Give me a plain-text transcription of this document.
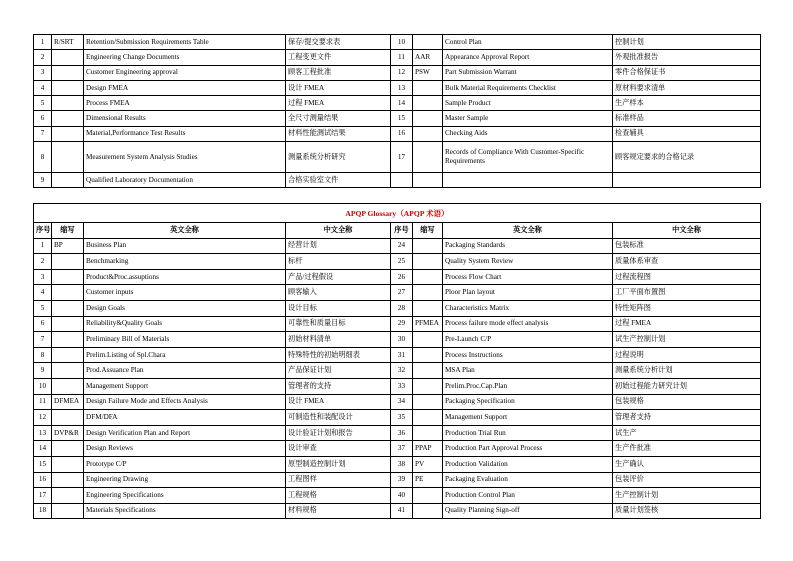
1	R/SRT	Retention/Submission Requirements Table	保存/提交要求表	10		Control Plan	控制计划
2		Engineering Change Documents	工程变更文件	11	AAR	Appearance Approval Report	外观批准报告
3		Customer Engineering approval	顾客工程批准	12	PSW	Part Submission Warrant	零件合格保证书
4		Design FMEA	设计 FMEA	13		Bulk Material Requirements Checklist	原材料要求清单
5		Process FMEA	过程 FMEA	14		Sample Product	生产样本
6		Dimensional Results	全尺寸测量结果	15		Master Sample	标准样品
7		Material,Performance Test Results	材料性能测试结果	16		Checking Aids	检查辅具
8		Measurement System Analysis Studies	测量系统分析研究	17		Records of Compliance With Customer-Specific Requirements	顾客规定要求的合格记录
9		Qualified Laboratory Documentation	合格实验室文件				
APQP Glossary（APQP 术语）							
序号	缩写	英文全称	中文全称	序号	缩写	英文全称	中文全称
1	BP	Business Plan	经营计划	24		Packaging Standards	包装标准
2		Benchmarking	标杆	25		Quality System Review	质量体系审查
3		Product&Proc.assuptions	产品/过程假设	26		Process Flow Chart	过程流程图
4		Customer inputs	顾客输入	27		Ploor Plan layout	工厂平面布置图
5		Design Goals	设计目标	28		Characteristics Matrix	特性矩阵图
6		Reliability&Quality Goals	可靠性和质量目标	29	PFMEA	Process failure mode effect analysis	过程 FMEA
7		Preliminary Bill of Materials	初始材料清单	30		Pre-Launch C/P	试生产控制计划
8		Prelim.Listing of Spl.Chara	特殊特性的初始明细表	31		Process Instructions	过程说明
9		Prod.Assuance Plan	产品保证计划	32		MSA Plan	测量系统分析计划
10		Management Support	管理者的支持	33		Prelim.Proc.Cap.Plan	初始过程能力研究计划
11	DFMEA	Design Failure Mode and Effects Analysis	设计 FMEA	34		Packaging Specification	包装规格
12		DFM/DFA	可制造性和装配设计	35		Management Support	管理者支持
13	DVP&R	Design Verification Plan and Report	设计验证计划和报告	36		Production Trial Run	试生产
14		Design Reviews	设计审查	37	PPAP	Production Part Approval Process	生产件批准
15		Prototype C/P	原型制造控制计划	38	PV	Production Validation	生产确认
16		Engineering Drawing	工程图样	39	PE	Packaging Evaluation	包装评价
17		Engineering Specifications	工程规格	40		Production Control Plan	生产控制计划
18		Materials Specifications	材料规格	41		Quality Planning Sign-off	质量计划签核
